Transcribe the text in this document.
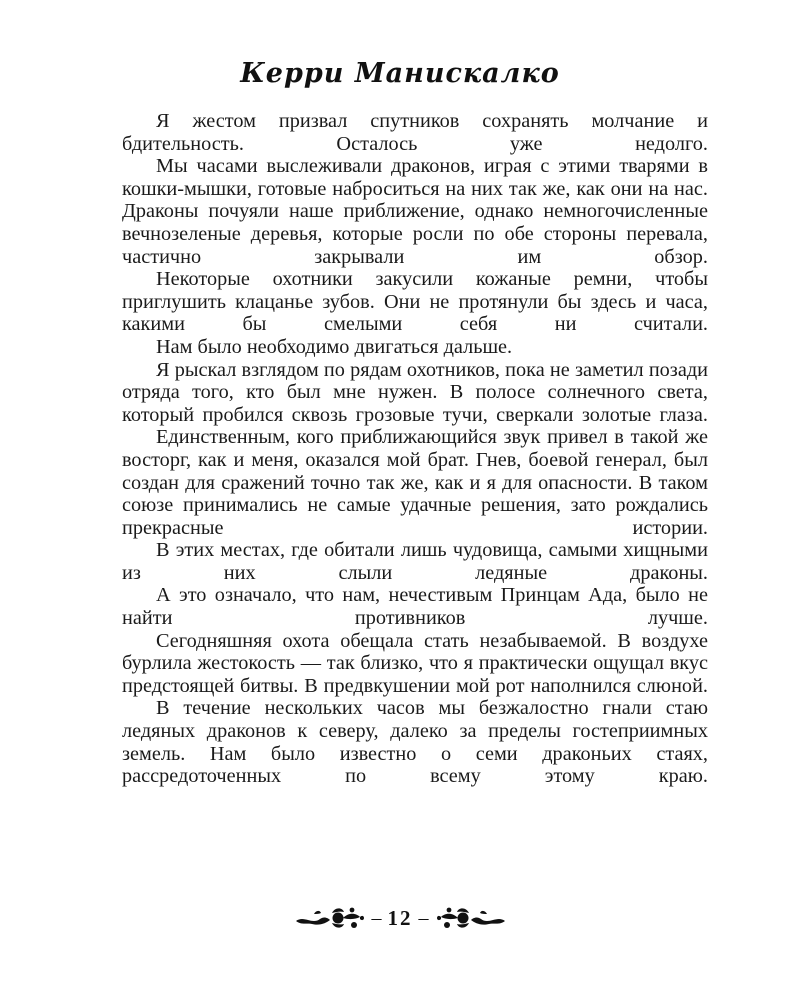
Керри Манискалко

Я жестом призвал спутников сохранять молчание и бдительность. Осталось уже недолго.

Мы часами выслеживали драконов, играя с этими тварями в кошки-мышки, готовые наброситься на них так же, как они на нас. Драконы почуяли наше приближение, однако немногочисленные вечнозеленые деревья, которые росли по обе стороны перевала, частично закрывали им обзор.

Некоторые охотники закусили кожаные ремни, чтобы приглушить клацанье зубов. Они не протянули бы здесь и часа, какими бы смелыми себя ни считали.

Нам было необходимо двигаться дальше.

Я рыскал взглядом по рядам охотников, пока не заметил позади отряда того, кто был мне нужен. В полосе солнечного света, который пробился сквозь грозовые тучи, сверкали золотые глаза.

Единственным, кого приближающийся звук привел в такой же восторг, как и меня, оказался мой брат. Гнев, боевой генерал, был создан для сражений точно так же, как и я для опасности. В таком союзе принимались не самые удачные решения, зато рождались прекрасные истории.

В этих местах, где обитали лишь чудовища, самыми хищными из них слыли ледяные драконы.

А это означало, что нам, нечестивым Принцам Ада, было не найти противников лучше.

Сегодняшняя охота обещала стать незабываемой. В воздухе бурлила жестокость — так близко, что я практически ощущал вкус предстоящей битвы. В предвкушении мой рот наполнился слюной.

В течение нескольких часов мы безжалостно гнали стаю ледяных драконов к северу, далеко за пределы гостеприимных земель. Нам было известно о семи драконьих стаях, рассредоточенных по всему этому краю.

– 12 –
